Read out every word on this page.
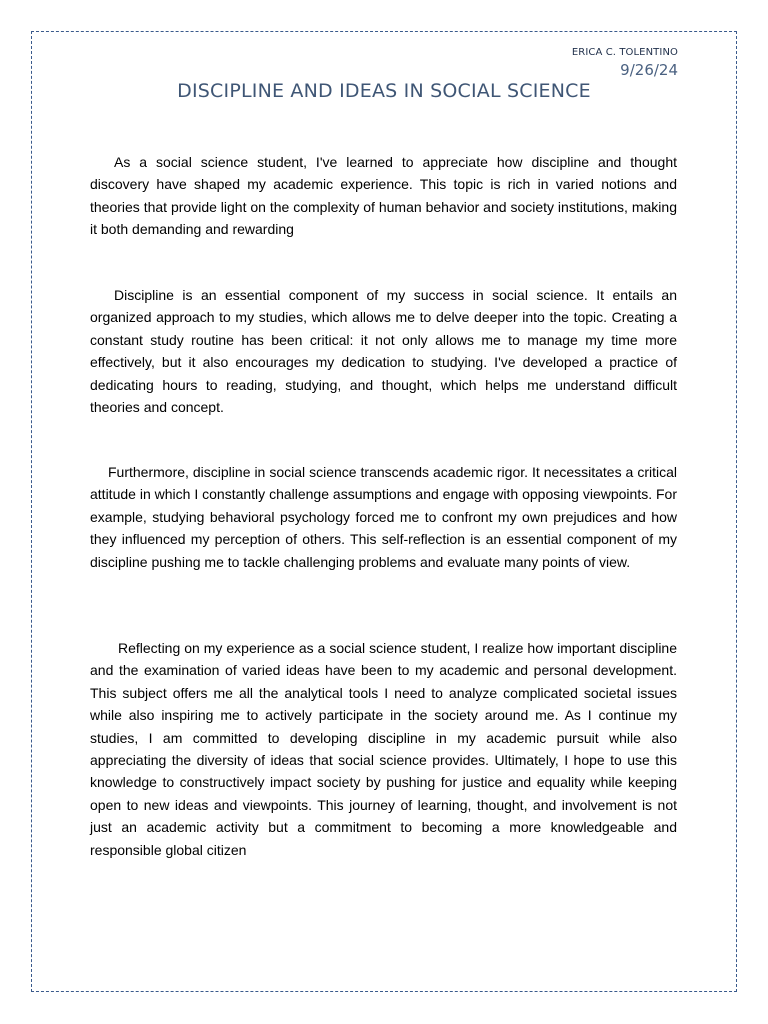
ERICA C. TOLENTINO
9/26/24
DISCIPLINE AND IDEAS IN SOCIAL SCIENCE

As a social science student, I've learned to appreciate how discipline and thought discovery have shaped my academic experience. This topic is rich in varied notions and theories that provide light on the complexity of human behavior and society institutions, making it both demanding and rewarding

Discipline is an essential component of my success in social science. It entails an organized approach to my studies, which allows me to delve deeper into the topic. Creating a constant study routine has been critical: it not only allows me to manage my time more effectively, but it also encourages my dedication to studying. I've developed a practice of dedicating hours to reading, studying, and thought, which helps me understand difficult theories and concept.

Furthermore, discipline in social science transcends academic rigor. It necessitates a critical attitude in which I constantly challenge assumptions and engage with opposing viewpoints. For example, studying behavioral psychology forced me to confront my own prejudices and how they influenced my perception of others. This self-reflection is an essential component of my discipline pushing me to tackle challenging problems and evaluate many points of view.

Reflecting on my experience as a social science student, I realize how important discipline and the examination of varied ideas have been to my academic and personal development. This subject offers me all the analytical tools I need to analyze complicated societal issues while also inspiring me to actively participate in the society around me. As I continue my studies, I am committed to developing discipline in my academic pursuit while also appreciating the diversity of ideas that social science provides. Ultimately, I hope to use this knowledge to constructively impact society by pushing for justice and equality while keeping open to new ideas and viewpoints. This journey of learning, thought, and involvement is not just an academic activity but a commitment to becoming a more knowledgeable and responsible global citizen
